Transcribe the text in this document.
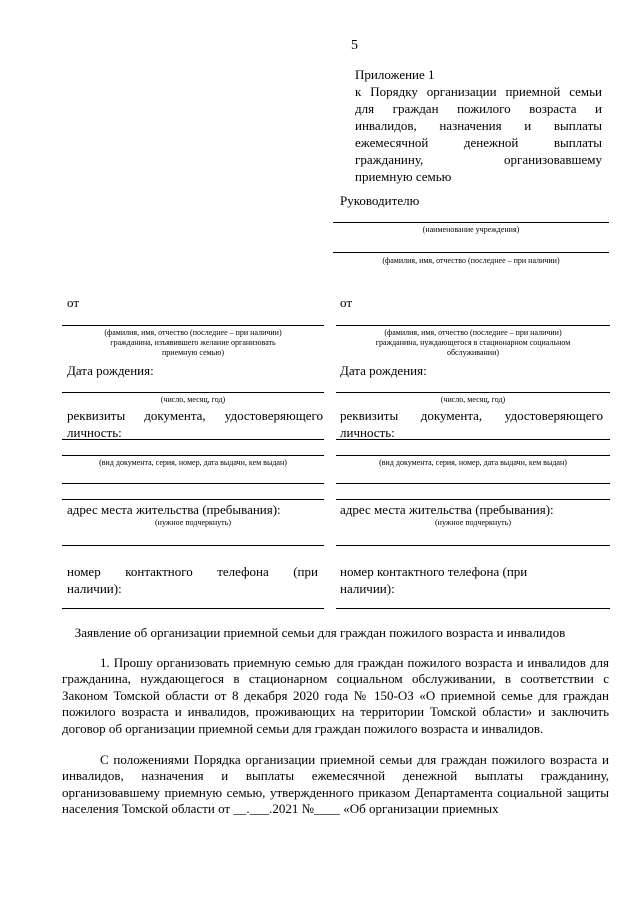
5
Приложение 1
к Порядку организации приемной семьи
для граждан пожилого возраста и
инвалидов, назначения и выплаты
ежемесячной денежной выплаты
гражданину, организовавшему
приемную семью
Руководителю
(наименование учреждения)
(фамилия, имя, отчество (последнее – при наличии)
от
(фамилия, имя, отчество (последнее – при наличии)
гражданина, изъявившего желание организовать
приемную семью)
Дата рождения:
(число, месяц, год)
реквизиты документа, удостоверяющего
личность:
(вид документа, серия, номер, дата выдачи, кем выдан)
адрес места жительства (пребывания):
(нужное подчеркнуть)
номер контактного телефона (при
наличии):
от
(фамилия, имя, отчество (последнее – при наличии)
гражданина, нуждающегося в стационарном социальном
обслуживании)
Дата рождения:
(число, месяц, год)
реквизиты документа, удостоверяющего
личность:
(вид документа, серия, номер, дата выдачи, кем выдан)
адрес места жительства (пребывания):
(нужное подчеркнуть)
номер контактного телефона (при
наличии):
Заявление об организации приемной семьи для граждан пожилого возраста и инвалидов
1. Прошу организовать приемную семью для граждан пожилого возраста и инвалидов для гражданина, нуждающегося в стационарном социальном обслуживании, в соответствии с Законом Томской области от 8 декабря 2020 года № 150-ОЗ «О приемной семье для граждан пожилого возраста и инвалидов, проживающих на территории Томской области» и заключить договор об организации приемной семьи для граждан пожилого возраста и инвалидов.
С положениями Порядка организации приемной семьи для граждан пожилого возраста и инвалидов, назначения и выплаты ежемесячной денежной выплаты гражданину, организовавшему приемную семью, утвержденного приказом Департамента социальной защиты населения Томской области от __.___.2021 №____ «Об организации приемных
